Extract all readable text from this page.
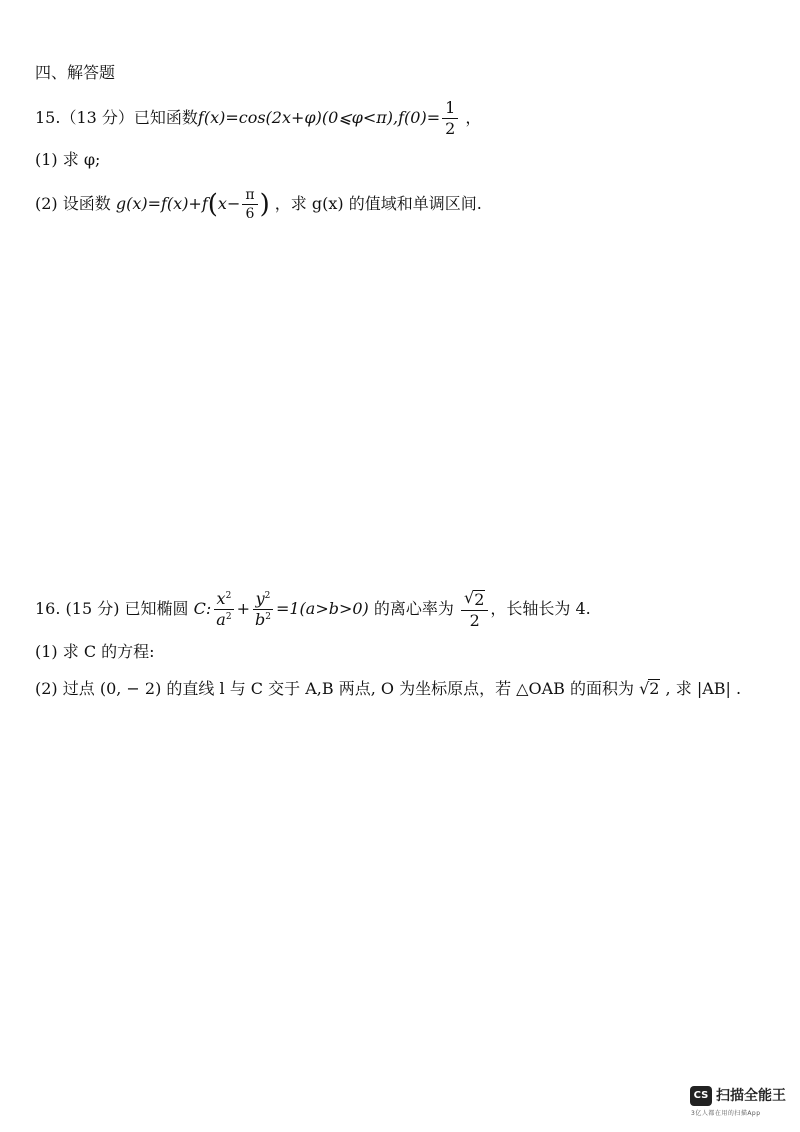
四、解答题
15.（13 分）已知函数f(x)=cos(2x+φ)(0⩽φ<π),f(0)= $\frac{1}{2}$ ，
(1) 求 φ;
(2) 设函数 $g(x)=f(x)+f(x- \frac{\pi}{6}$ ) ，求 g(x) 的值域和单调区间.
16. (15 分) 已知椭圆 C: $\frac{x^2}{a^2} + \frac{y^2}{b^2} =1(a>b>0)$ 的离心率为 $\frac{√ 2}{2}$ ，长轴长为 4.
(1) 求 C 的方程:
(2) 过点 (0, − 2) 的直线 l 与 C 交于 A,B 两点, O 为坐标原点，若 △OAB 的面积为 √ 2 , 求 |AB| .
CS 扫描全能王
3亿人都在用的扫描App
